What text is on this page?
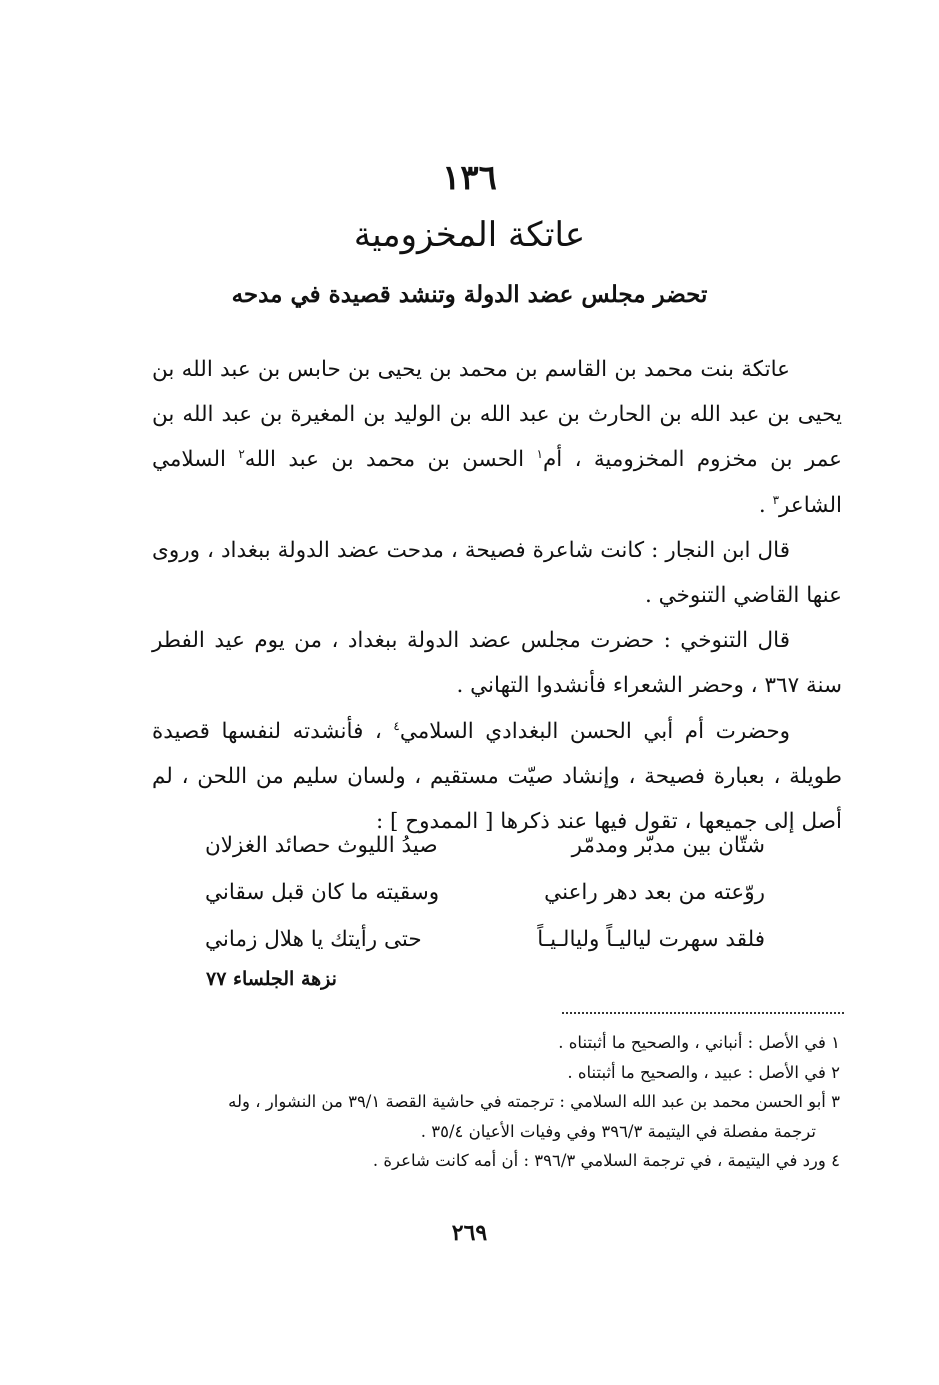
١٣٦
عاتكة المخزومية
تحضر مجلس عضد الدولة وتنشد قصيدة في مدحه

عاتكة بنت محمد بن القاسم بن محمد بن يحيى بن حابس بن عبد الله بن يحيى بن عبد الله بن الحارث بن عبد الله بن الوليد بن المغيرة بن عبد الله بن عمر بن مخزوم المخزومية ، أم$^١$ الحسن بن محمد بن عبد الله$^٢$ السلامي الشاعر$^٣$ .

قال ابن النجار : كانت شاعرة فصيحة ، مدحت عضد الدولة ببغداد ، وروى عنها القاضي التنوخي .

قال التنوخي : حضرت مجلس عضد الدولة ببغداد ، من يوم عيد الفطر سنة ٣٦٧ ، وحضر الشعراء فأنشدوا التهاني .

وحضرت أم أبي الحسن البغدادي السلامي$^٤$ ، فأنشدته لنفسها قصيدة طويلة ، بعبارة فصيحة ، وإنشاد صيّت مستقيم ، ولسان سليم من اللحن ، لم أصل إلى جميعها ، تقول فيها عند ذكرها [ الممدوح ] :

شتّان بين مدبّر ومدمّر
صيدُ الليوث حصائد الغزلان
روّعته من بعد دهر راعني
وسقيته ما كان قبل سقاني
فلقد سهرت لياليـاً وليالـيـاً
حتى رأيتك يا هلال زماني
نزهة الجلساء ٧٧

١ في الأصل : أنباني ، والصحيح ما أثبتناه .

٢ في الأصل : عبيد ، والصحيح ما أثبتناه .

٣ أبو الحسن محمد بن عبد الله السلامي : ترجمته في حاشية القصة ٣٩/١ من النشوار ، وله

ترجمة مفصلة في اليتيمة ٣٩٦/٣ وفي وفيات الأعيان ٣٥/٤ .

٤ ورد في اليتيمة ، في ترجمة السلامي ٣٩٦/٣ : أن أمه كانت شاعرة .

٢٦٩
